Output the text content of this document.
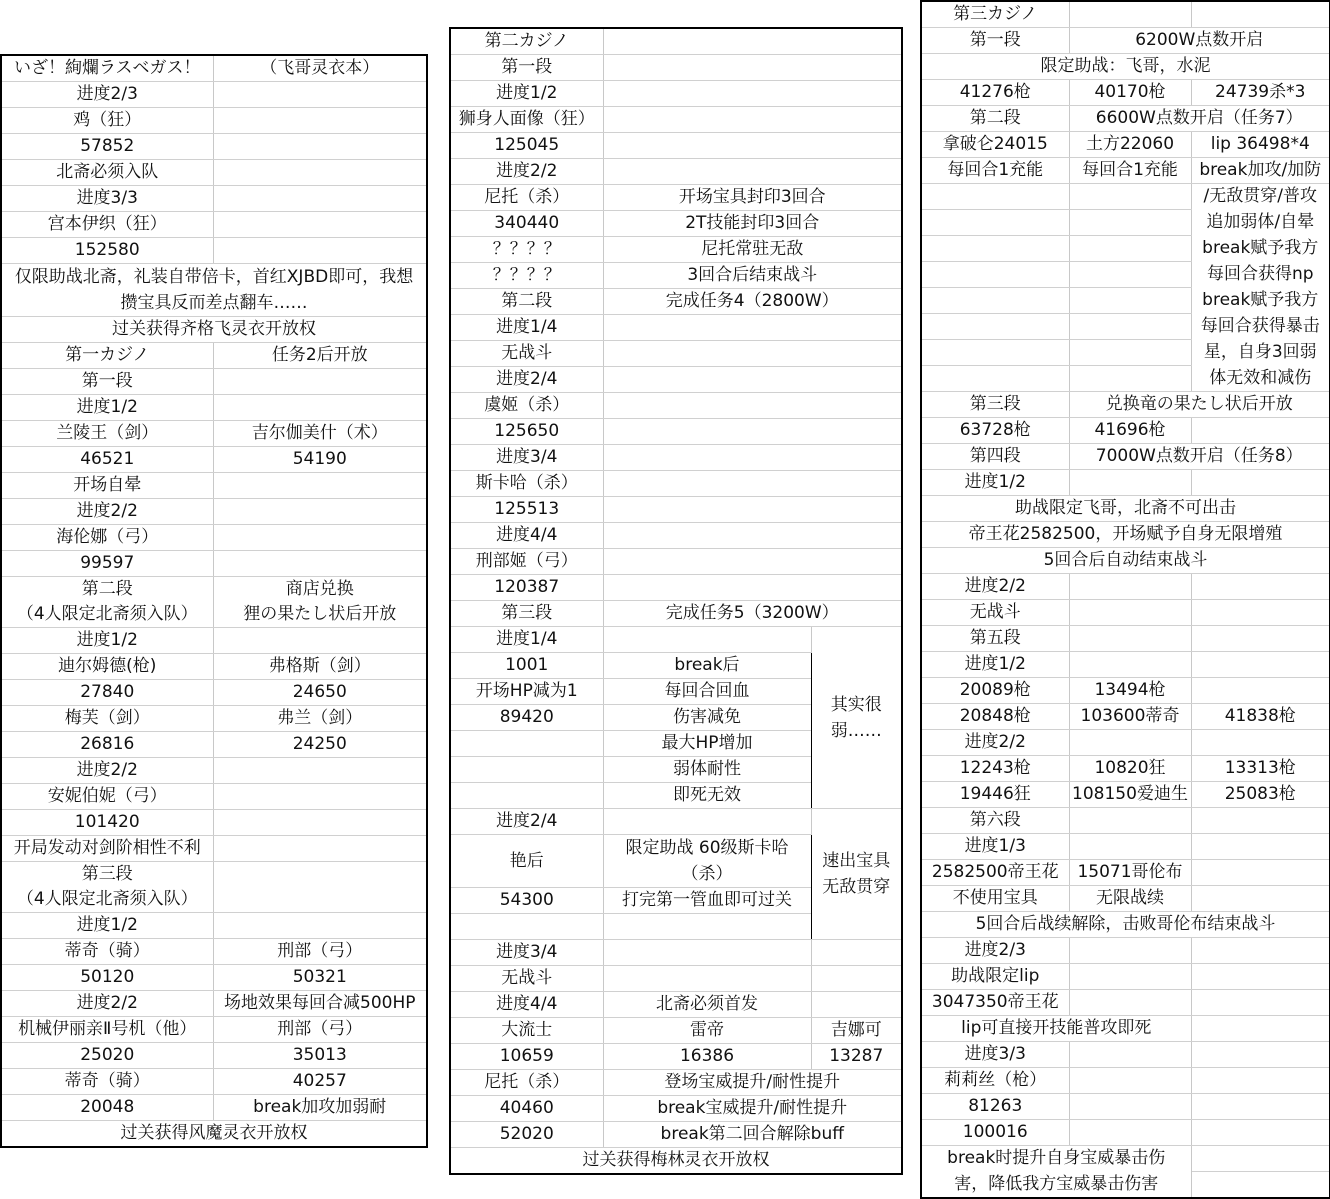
いざ！絢爛ラスベガス！	（飞哥灵衣本）
进度2/3	
鸡（狂）	
57852	
北斋必须入队	
进度3/3	
宫本伊织（狂）	
152580	
仅限助战北斋，礼装自带倍卡，首红XJBD即可，我想攒宝具反而差点翻车……	
过关获得齐格飞灵衣开放权	
第一カジノ	任务2后开放
第一段	
进度1/2	
兰陵王（剑）	吉尔伽美什（术）
46521	54190
开场自晕	
进度2/2	
海伦娜（弓）	
99597	
第二段	商店兑换
（4人限定北斋须入队）	狸の果たし状后开放
进度1/2	
迪尔姆德(枪)	弗格斯（剑）
27840	24650
梅芙（剑）	弗兰（剑）
26816	24250
进度2/2	
安妮伯妮（弓）	
101420	
开局发动对剑阶相性不利	
第三段	
（4人限定北斋须入队）	
进度1/2	
蒂奇（骑）	刑部（弓）
50120	50321
进度2/2	场地效果每回合减500HP
机械伊丽亲Ⅱ号机（他）	刑部（弓）
25020	35013
蒂奇（骑）	40257
20048	break加攻加弱耐
过关获得风魔灵衣开放权	
第二カジノ		
第一段		
进度1/2		
狮身人面像（狂）		
125045		
进度2/2		
尼托（杀）	开场宝具封印3回合	
340440	2T技能封印3回合	
？？？？	尼托常驻无敌	
？？？？	3回合后结束战斗	
第二段	完成任务4（2800W）	
进度1/4		
无战斗		
进度2/4		
虞姬（杀）		
125650		
进度3/4		
斯卡哈（杀）		
125513		
进度4/4		
刑部姬（弓）		
120387		
第三段	完成任务5（3200W）	
进度1/4		其实很弱……
1001	break后	
开场HP减为1	每回合回血	
89420	伤害减免	
	最大HP增加	
	弱体耐性	
	即死无效	
进度2/4		速出宝具无敌贯穿
艳后	限定助战 60级斯卡哈（杀）	
54300	打完第一管血即可过关	

进度3/4		
无战斗		
进度4/4	北斋必须首发	
大流士	雷帝	吉娜可
10659	16386	13287
尼托（杀）	登场宝威提升/耐性提升	
40460	break宝威提升/耐性提升	
52020	break第二回合解除buff	
过关获得梅林灵衣开放权		
第三カジノ		
第一段	6200W点数开启	
限定助战：飞哥，水泥		
41276枪	40170枪	24739杀*3
第二段	6600W点数开启（任务7）	
拿破仑24015	土方22060	lip 36498*4
每回合1充能	每回合1充能	break加攻/加防
		/无敌贯穿/普攻
		追加弱体/自晕
		break赋予我方
		每回合获得np
		break赋予我方
		每回合获得暴击
		星，自身3回弱
		体无效和减伤
第三段	兑换竜の果たし状后开放	
63728枪	41696枪	
第四段	7000W点数开启（任务8）	
进度1/2		
助战限定飞哥，北斋不可出击		
帝王花2582500，开场赋予自身无限增殖		
5回合后自动结束战斗		
进度2/2		
无战斗		
第五段		
进度1/2		
20089枪	13494枪	
20848枪	103600蒂奇	41838枪
进度2/2		
12243枪	10820狂	13313枪
19446狂	108150爱迪生	25083枪
第六段		
进度1/3		
2582500帝王花	15071哥伦布	
不使用宝具	无限战续	
5回合后战续解除，击败哥伦布结束战斗		
进度2/3		
助战限定lip		
3047350帝王花		
lip可直接开技能普攻即死		
进度3/3		
莉莉丝（枪）		
81263		
100016		
break时提升自身宝威暴击伤		
害，降低我方宝威暴击伤害		
